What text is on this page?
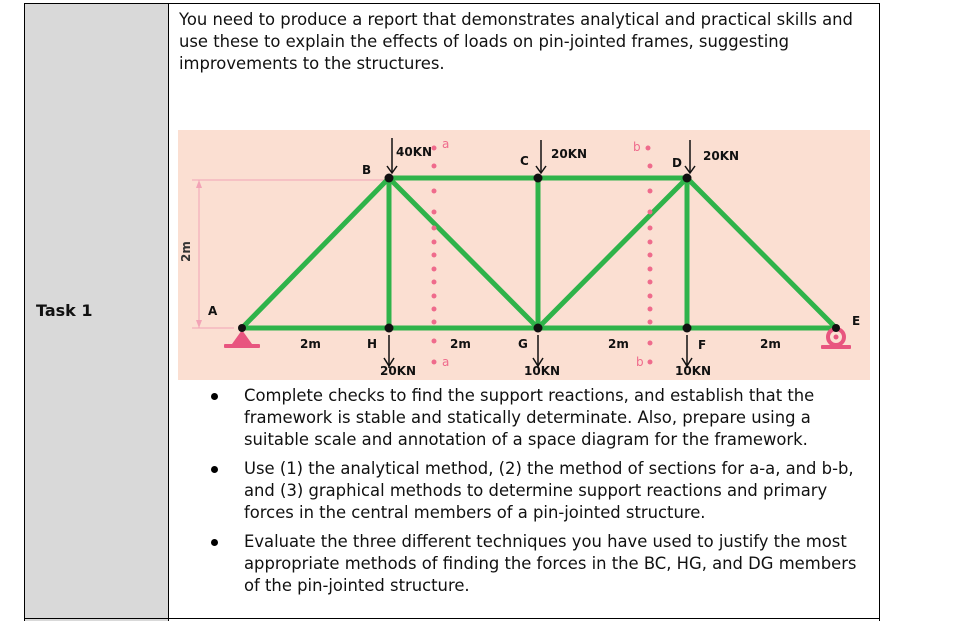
Task 1

You need to produce a report that demonstrates analytical and practical skills and use these to explain the effects of loads on pin-jointed frames, suggesting improvements to the structures.

2m
a
a
b
b
40KN	20KN	20KN
20KN	10KN	10KN
A
B
C	D
E
F
G
H
2m	2m	2m	2m
Complete checks to find the support reactions, and establish that the framework is stable and statically determinate. Also, prepare using a suitable scale and annotation of a space diagram for the framework.
Use (1) the analytical method, (2) the method of sections for a-a, and b-b, and (3) graphical methods to determine support reactions and primary forces in the central members of a pin-jointed structure.
Evaluate the three different techniques you have used to justify the most appropriate methods of finding the forces in the BC, HG, and DG members of the pin-jointed structure.
